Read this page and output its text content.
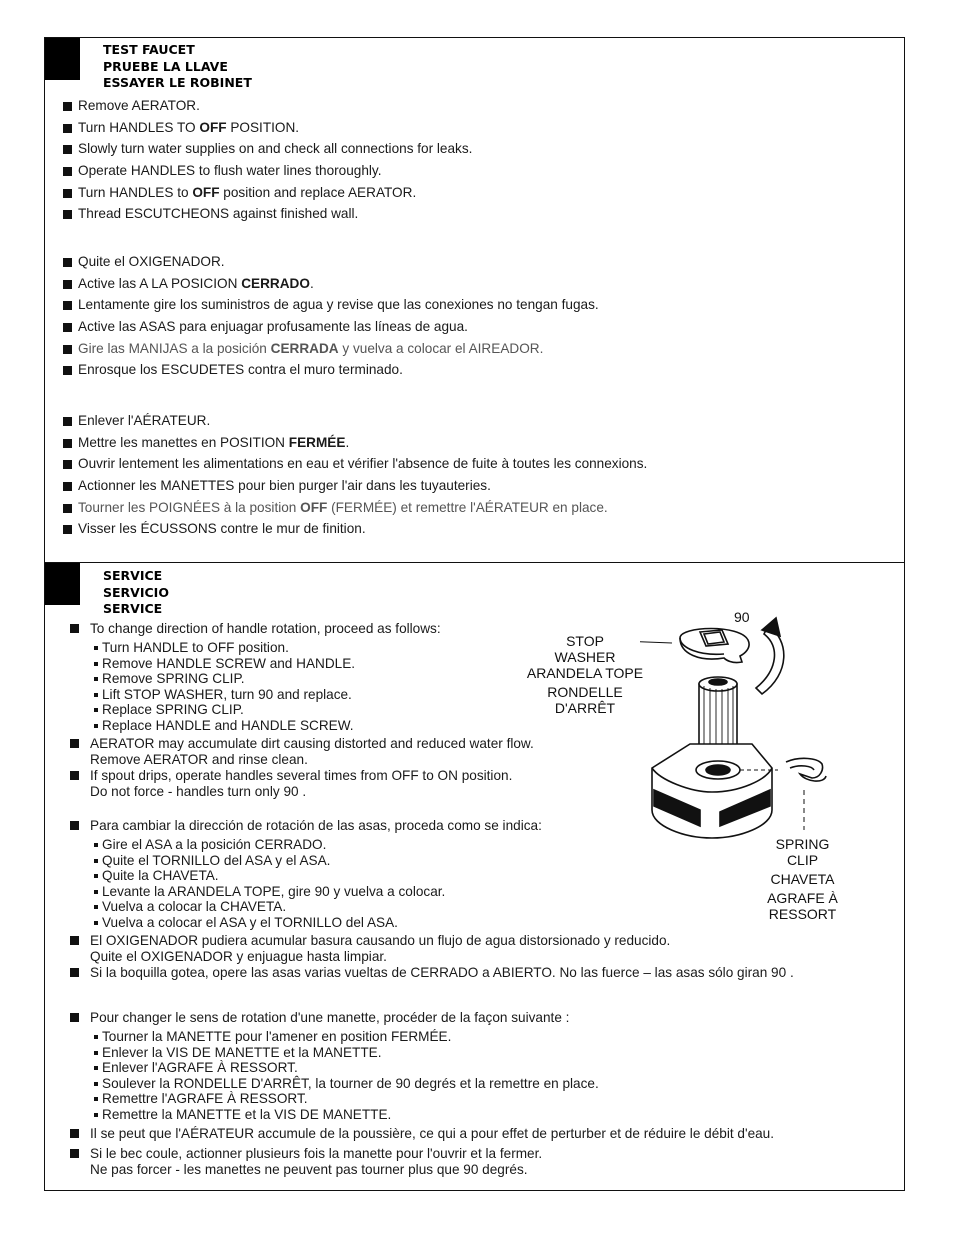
TEST FAUCET
PRUEBE LA LLAVE
ESSAYER LE ROBINET
Remove AERATOR.
Turn HANDLES TO OFF POSITION.
Slowly turn water supplies on and check all connections for leaks.
Operate HANDLES to flush water lines thoroughly.
Turn HANDLES to OFF position and replace AERATOR.
Thread ESCUTCHEONS against finished wall.
Quite el OXIGENADOR.
Active las A LA POSICION CERRADO.
Lentamente gire los suministros de agua y revise que las conexiones no tengan fugas.
Active las ASAS para enjuagar profusamente las líneas de agua.
Gire las MANIJAS a la posición CERRADA y vuelva a colocar el AIREADOR.
Enrosque los ESCUDETES contra el muro terminado.
Enlever l'AÉRATEUR.
Mettre les manettes en POSITION FERMÉE.
Ouvrir lentement les alimentations en eau et vérifier l'absence de fuite à toutes les connexions.
Actionner les MANETTES pour bien purger l'air dans les tuyauteries.
Tourner les POIGNÉES à la position OFF (FERMÉE) et remettre l'AÉRATEUR en place.
Visser les ÉCUSSONS contre le mur de finition.
SERVICE
SERVICIO
SERVICE
To change direction of handle rotation, proceed as follows:
Turn HANDLE to OFF position.
Remove HANDLE SCREW and HANDLE.
Remove SPRING CLIP.
Lift STOP WASHER, turn 90 and replace.
Replace SPRING CLIP.
Replace HANDLE and HANDLE SCREW.
AERATOR may accumulate dirt causing distorted and reduced water flow.
Remove AERATOR and rinse clean.
If spout drips, operate handles several times from OFF to ON position.
Do not force - handles turn only 90 .
Para cambiar la dirección de rotación de las asas, proceda como se indica:
Gire el ASA a la posición CERRADO.
Quite el TORNILLO del ASA y el ASA.
Quite la CHAVETA.
Levante la ARANDELA TOPE, gire 90 y vuelva a colocar.
Vuelva a colocar la CHAVETA.
Vuelva a colocar el ASA y el TORNILLO del ASA.
El OXIGENADOR pudiera acumular basura causando un flujo de agua distorsionado y reducido.
Quite el OXIGENADOR y enjuague hasta limpiar.
Si la boquilla gotea, opere las asas varias vueltas de CERRADO a ABIERTO. No las fuerce – las asas sólo giran 90 .
Pour changer le sens de rotation d'une manette, procéder de la façon suivante :
Tourner la MANETTE pour l'amener en position FERMÉE.
Enlever la VIS DE MANETTE et la MANETTE.
Enlever l'AGRAFE À RESSORT.
Soulever la RONDELLE D'ARRÊT, la tourner de 90 degrés et la remettre en place.
Remettre l'AGRAFE À RESSORT.
Remettre la MANETTE et la VIS DE MANETTE.
Il se peut que l'AÉRATEUR accumule de la poussière, ce qui a pour effet de perturber et de réduire le débit d'eau.
Si le bec coule, actionner plusieurs fois la manette pour l'ouvrir et la fermer.
Ne pas forcer - les manettes ne peuvent pas tourner plus que 90 degrés.
90
STOP
WASHER
ARANDELA TOPE
RONDELLE
D'ARRÊT
SPRING
CLIP
CHAVETA
AGRAFE À
RESSORT
